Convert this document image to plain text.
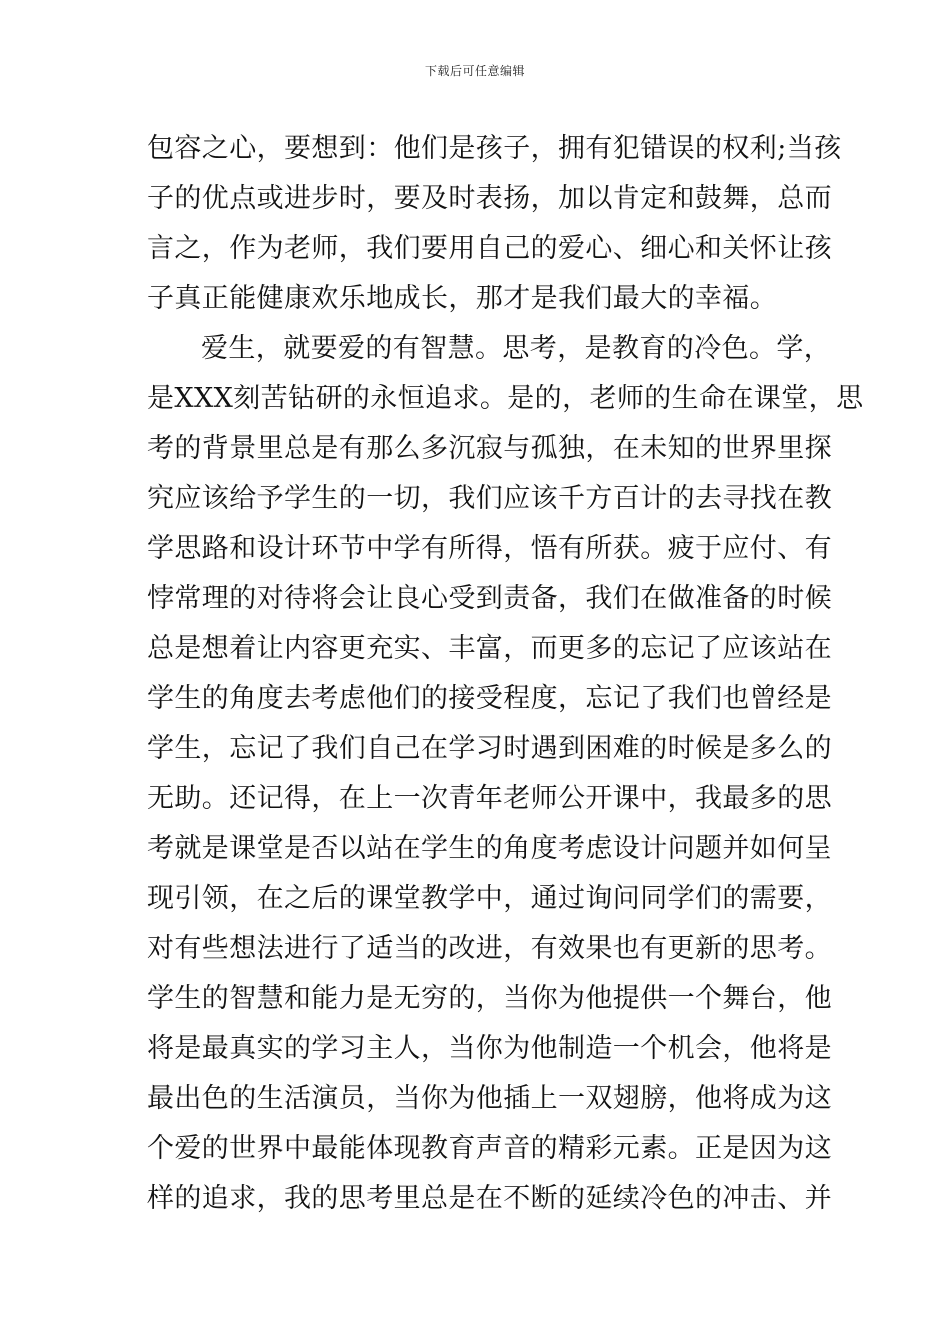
下载后可任意编辑
包容之心，要想到：他们是孩子，拥有犯错误的权利;当孩
子的优点或进步时，要及时表扬，加以肯定和鼓舞，总而
言之，作为老师，我们要用自己的爱心、细心和关怀让孩
子真正能健康欢乐地成长，那才是我们最大的幸福。
爱生，就要爱的有智慧。思考，是教育的冷色。学，
是XXX刻苦钻研的永恒追求。是的，老师的生命在课堂，思
考的背景里总是有那么多沉寂与孤独，在未知的世界里探
究应该给予学生的一切，我们应该千方百计的去寻找在教
学思路和设计环节中学有所得，悟有所获。疲于应付、有
悖常理的对待将会让良心受到责备，我们在做准备的时候
总是想着让内容更充实、丰富，而更多的忘记了应该站在
学生的角度去考虑他们的接受程度，忘记了我们也曾经是
学生，忘记了我们自己在学习时遇到困难的时候是多么的
无助。还记得，在上一次青年老师公开课中，我最多的思
考就是课堂是否以站在学生的角度考虑设计问题并如何呈
现引领，在之后的课堂教学中，通过询问同学们的需要，
对有些想法进行了适当的改进，有效果也有更新的思考。
学生的智慧和能力是无穷的，当你为他提供一个舞台，他
将是最真实的学习主人，当你为他制造一个机会，他将是
最出色的生活演员，当你为他插上一双翅膀，他将成为这
个爱的世界中最能体现教育声音的精彩元素。正是因为这
样的追求，我的思考里总是在不断的延续冷色的冲击、并
